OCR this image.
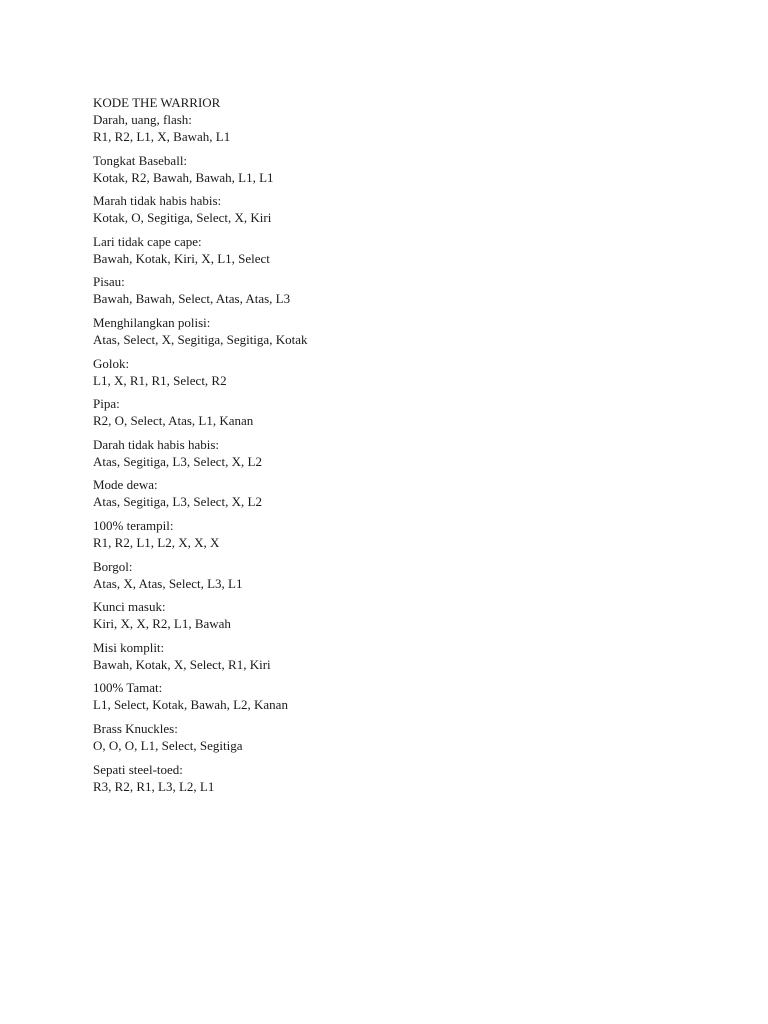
KODE THE WARRIOR
Darah, uang, flash:
R1, R2, L1, X, Bawah, L1
Tongkat Baseball:
Kotak, R2, Bawah, Bawah, L1, L1
Marah tidak habis habis:
Kotak, O, Segitiga, Select, X, Kiri
Lari tidak cape cape:
Bawah, Kotak, Kiri, X, L1, Select
Pisau:
Bawah, Bawah, Select, Atas, Atas, L3
Menghilangkan polisi:
Atas, Select, X, Segitiga, Segitiga, Kotak
Golok:
L1, X, R1, R1, Select, R2
Pipa:
R2, O, Select, Atas, L1, Kanan
Darah tidak habis habis:
Atas, Segitiga, L3, Select, X, L2
Mode dewa:
Atas, Segitiga, L3, Select, X, L2
100% terampil:
R1, R2, L1, L2, X, X, X
Borgol:
Atas, X, Atas, Select, L3, L1
Kunci masuk:
Kiri, X, X, R2, L1, Bawah
Misi komplit:
Bawah, Kotak, X, Select, R1, Kiri
100% Tamat:
L1, Select, Kotak, Bawah, L2, Kanan
Brass Knuckles:
O, O, O, L1, Select, Segitiga
Sepati steel-toed:
R3, R2, R1, L3, L2, L1
